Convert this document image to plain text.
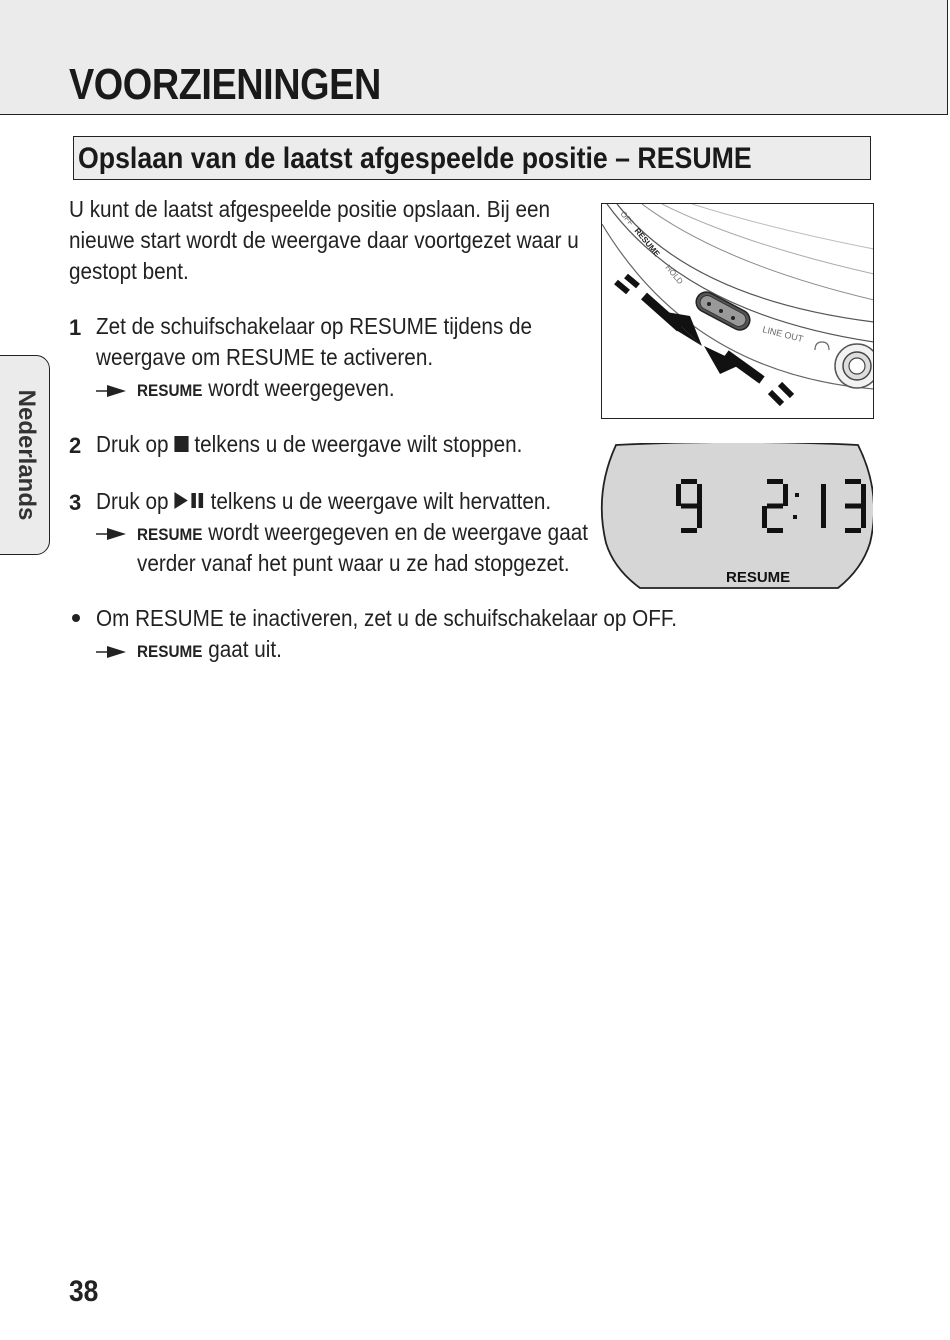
VOORZIENINGEN
Opslaan van de laatst afgespeelde positie – RESUME
Nederlands

U kunt de laatst afgespeelde positie opslaan. Bij een

nieuwe start wordt de weergave daar voortgezet waar u

gestopt bent.

1 Zet de schuifschakelaar op RESUME tijdens de

weergave om RESUME te activeren.

RESUME wordt weergegeven.

2 Druk op telkens u de weergave wilt stoppen.

3 Druk op telkens u de weergave wilt hervatten.

RESUME wordt weergegeven en de weergave gaat

verder vanaf het punt waar u ze had stopgezet.

Om RESUME te inactiveren, zet u de schuifschakelaar op OFF.

RESUME gaat uit.

OFF
RESUME
HOLD
LINE OUT
RESUME
38
